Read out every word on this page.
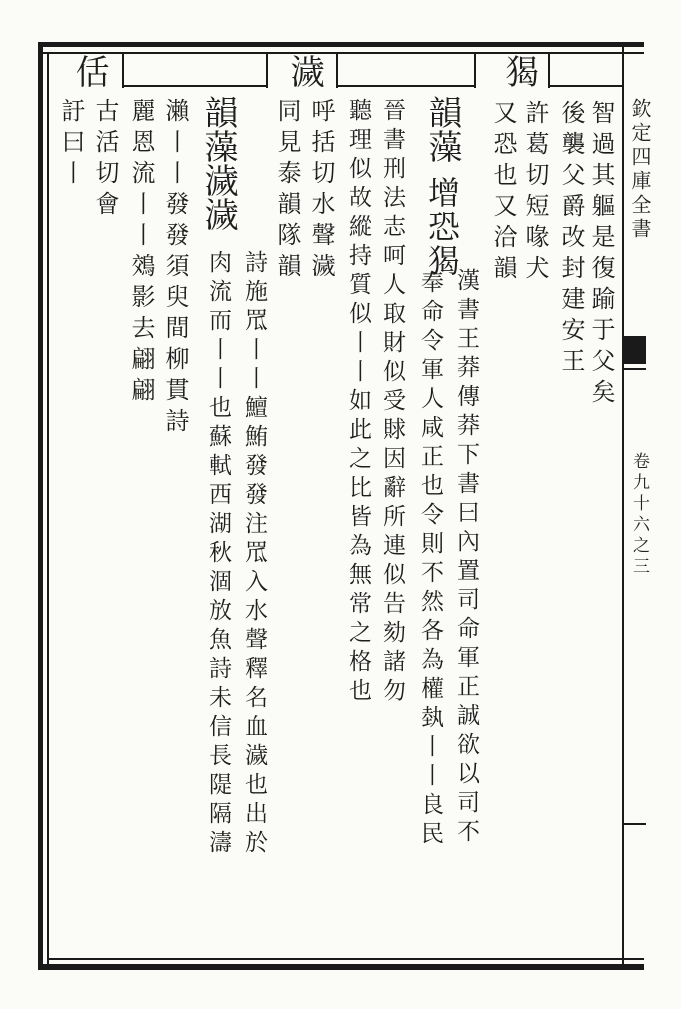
欽定四庫全書
卷九十六之三
智過其軀是復踰于父矣
後襲父爵改封建安王
猲
許葛切短喙犬
又恐也又洽韻
韻藻
增恐猲
漢書王莽傳莽下書曰內置司命軍正誠欲以司不
奉命令軍人咸正也令則不然各為權埶丨丨良民
晉書刑法志呵人取財似受賕因辭所連似告劾諸勿
聽理似故縱持質似丨丨如此之比皆為無常之格也
濊
呼括切水聲濊
同見泰韻隊韻
韻藻濊濊
詩施罛丨丨鱣鮪發發注罛入水聲釋名血濊也出於
肉流而丨丨也蘇軾西湖秋涸放魚詩未信長隄隔濤
瀨丨丨發發須臾間柳貫詩
麗恩流丨丨鵁影去翩翩
佸
古活切會
訏曰丨
